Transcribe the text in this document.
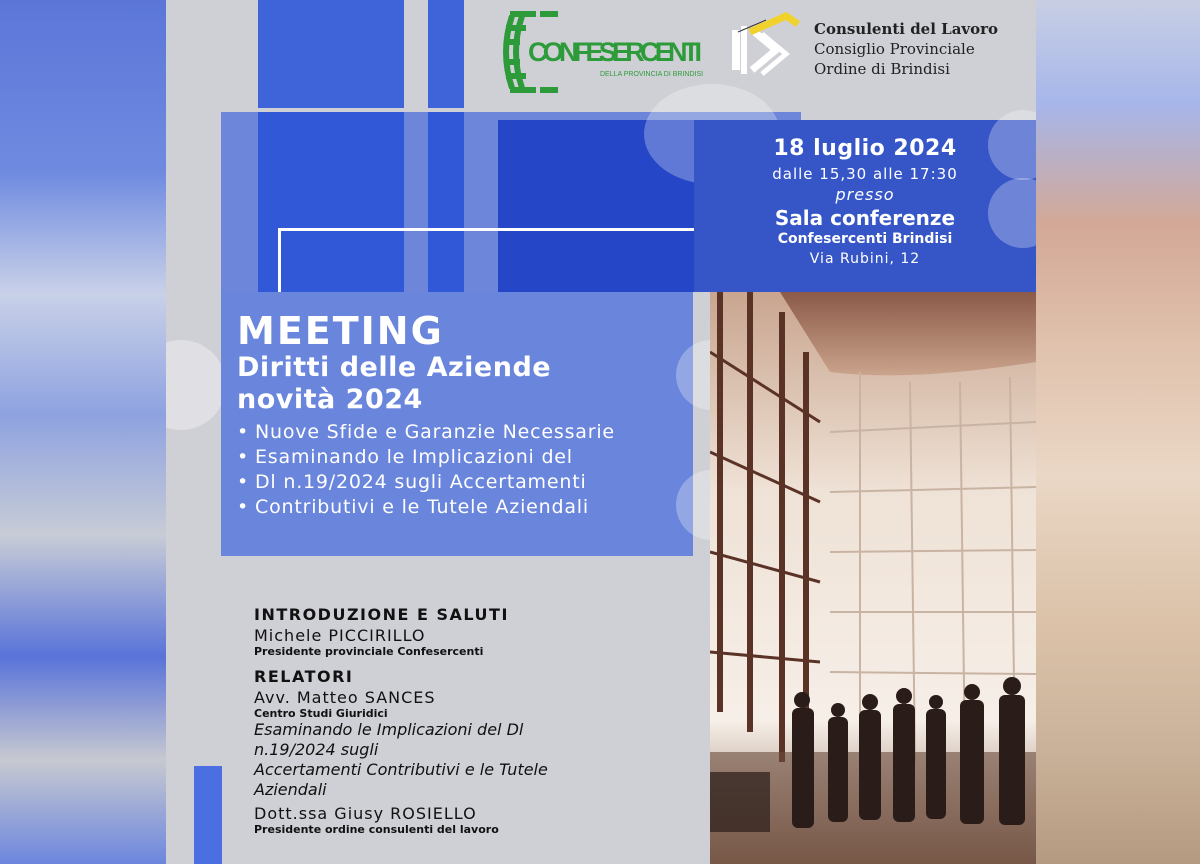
CONFESERCENTI
DELLA PROVINCIA DI BRINDISI
Consulenti del Lavoro
Consiglio Provinciale
Ordine di Brindisi
18 luglio 2024
dalle 15,30 alle 17:30
presso
Sala conferenze
Confesercenti Brindisi
Via Rubini, 12
MEETING
Diritti delle Aziende
novità 2024
• Nuove Sfide e Garanzie Necessarie
• Esaminando le Implicazioni del
• Dl n.19/2024 sugli Accertamenti
• Contributivi e le Tutele Aziendali
INTRODUZIONE E SALUTI
Michele PICCIRILLO
Presidente provinciale Confesercenti
RELATORI
Avv. Matteo SANCES
Centro Studi Giuridici
Esaminando le Implicazioni del Dl
n.19/2024 sugli
Accertamenti Contributivi e le Tutele
Aziendali
Dott.ssa Giusy ROSIELLO
Presidente ordine consulenti del lavoro
